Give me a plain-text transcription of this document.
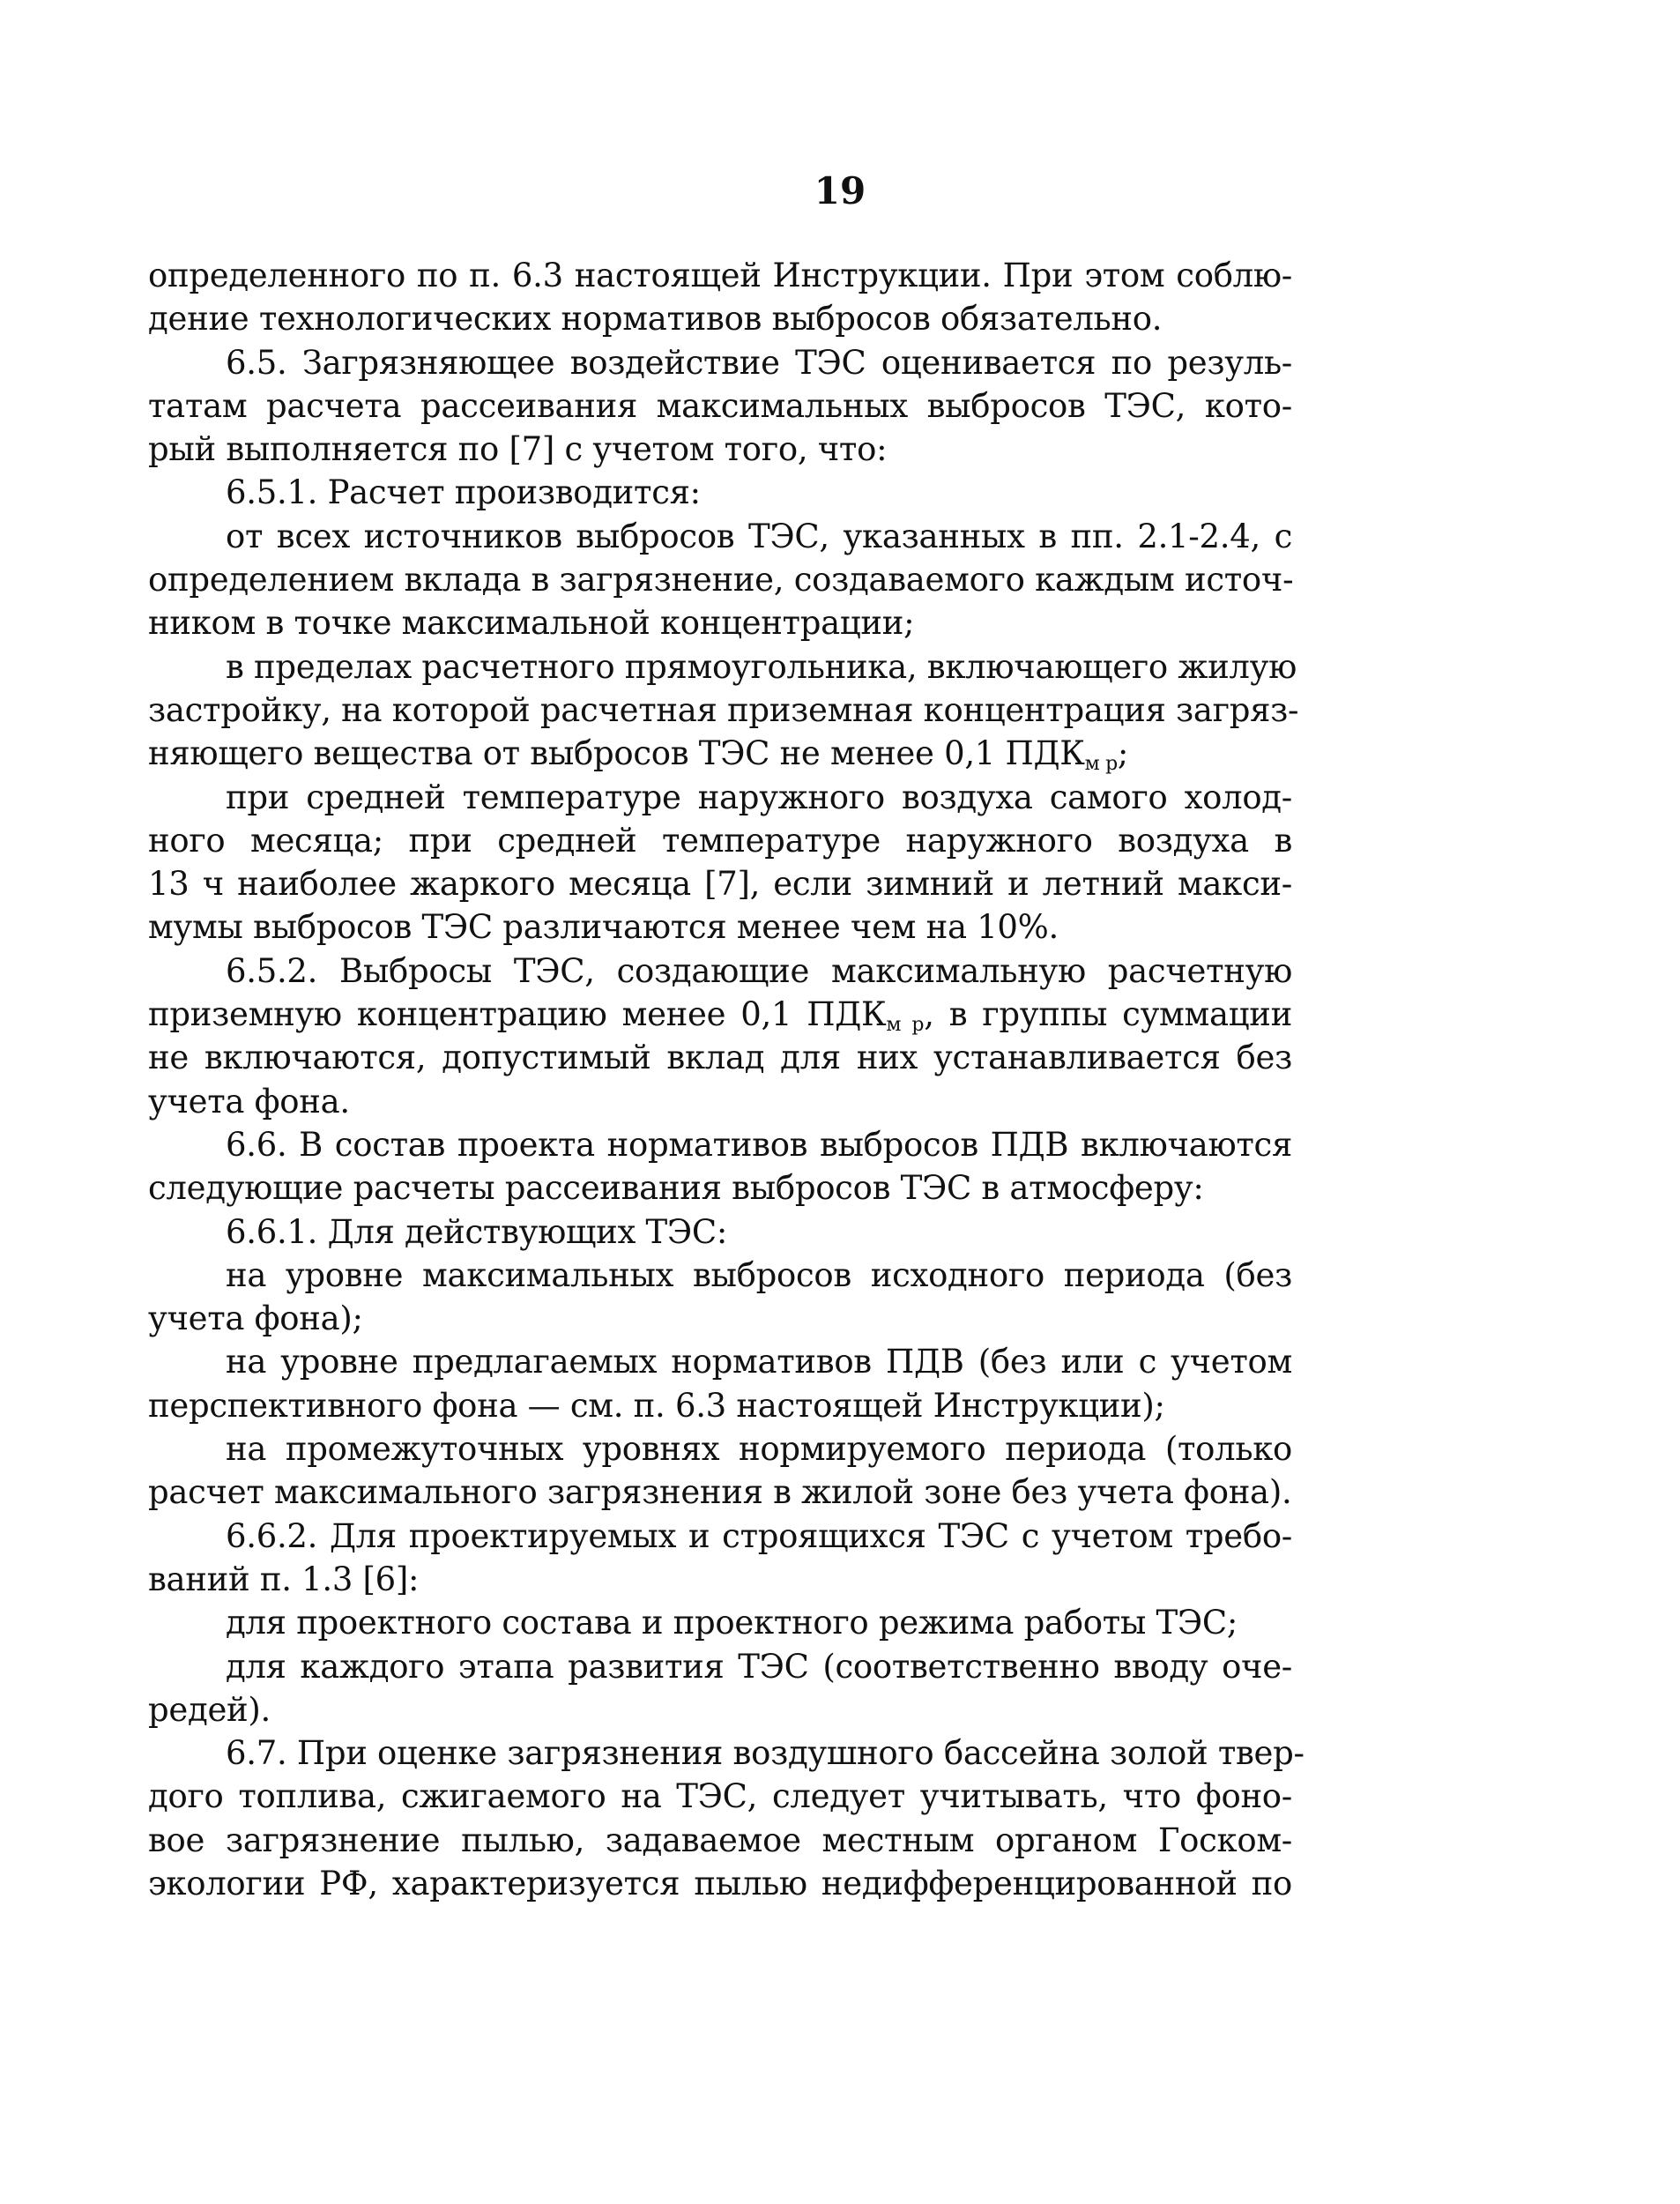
19
определенного по п. 6.3 настоящей Инструкции. При этом соблю-
дение технологических нормативов выбросов обязательно.
6.5. Загрязняющее воздействие ТЭС оценивается по резуль-
татам расчета рассеивания максимальных выбросов ТЭС, кото-
рый выполняется по [7] с учетом того, что:
6.5.1. Расчет производится:
от всех источников выбросов ТЭС, указанных в пп. 2.1-2.4, с
определением вклада в загрязнение, создаваемого каждым источ-
ником в точке максимальной концентрации;
в пределах расчетного прямоугольника, включающего жилую
застройку, на которой расчетная приземная концентрация загряз-
няющего вещества от выбросов ТЭС не менее 0,1 $ПДК_{м р}$;
при средней температуре наружного воздуха самого холод-
ного месяца; при средней температуре наружного воздуха в
13 ч наиболее жаркого месяца [7], если зимний и летний макси-
мумы выбросов ТЭС различаются менее чем на 10%.
6.5.2. Выбросы ТЭС, создающие максимальную расчетную
приземную концентрацию менее 0,1 $ПДК_{м р}$, в группы суммации
не включаются, допустимый вклад для них устанавливается без
учета фона.
6.6. В состав проекта нормативов выбросов ПДВ включаются
следующие расчеты рассеивания выбросов ТЭС в атмосферу:
6.6.1. Для действующих ТЭС:
на уровне максимальных выбросов исходного периода (без
учета фона);
на уровне предлагаемых нормативов ПДВ (без или с учетом
перспективного фона — см. п. 6.3 настоящей Инструкции);
на промежуточных уровнях нормируемого периода (только
расчет максимального загрязнения в жилой зоне без учета фона).
6.6.2. Для проектируемых и строящихся ТЭС с учетом требо-
ваний п. 1.3 [6]:
для проектного состава и проектного режима работы ТЭС;
для каждого этапа развития ТЭС (соответственно вводу оче-
редей).
6.7. При оценке загрязнения воздушного бассейна золой твер-
дого топлива, сжигаемого на ТЭС, следует учитывать, что фоно-
вое загрязнение пылью, задаваемое местным органом Госком-
экологии РФ, характеризуется пылью недифференцированной по
